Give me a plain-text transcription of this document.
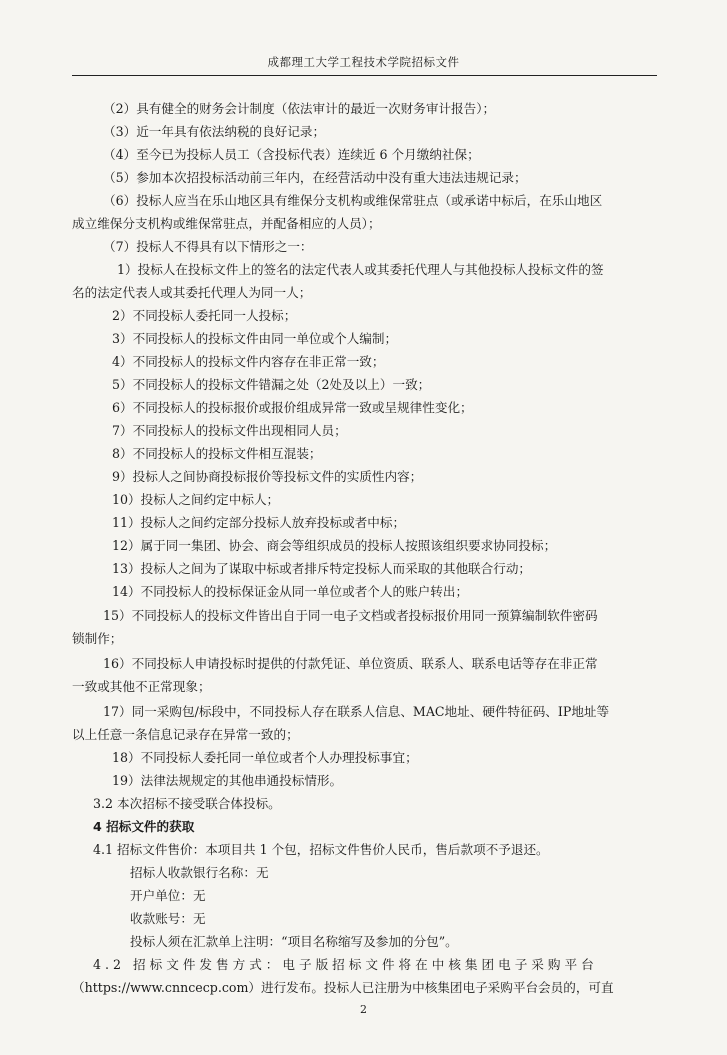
成都理工大学工程技术学院招标文件
（2）具有健全的财务会计制度（依法审计的最近一次财务审计报告）；
（3）近一年具有依法纳税的良好记录；
（4）至今已为投标人员工（含投标代表）连续近 6 个月缴纳社保；
（5）参加本次招投标活动前三年内，在经营活动中没有重大违法违规记录；
（6）投标人应当在乐山地区具有维保分支机构或维保常驻点（或承诺中标后，在乐山地区
成立维保分支机构或维保常驻点，并配备相应的人员）；
（7）投标人不得具有以下情形之一：
1）投标人在投标文件上的签名的法定代表人或其委托代理人与其他投标人投标文件的签
名的法定代表人或其委托代理人为同一人；
2）不同投标人委托同一人投标；
3）不同投标人的投标文件由同一单位或个人编制；
4）不同投标人的投标文件内容存在非正常一致；
5）不同投标人的投标文件错漏之处（2处及以上）一致；
6）不同投标人的投标报价或报价组成异常一致或呈规律性变化；
7）不同投标人的投标文件出现相同人员；
8）不同投标人的投标文件相互混装；
9）投标人之间协商投标报价等投标文件的实质性内容；
10）投标人之间约定中标人；
11）投标人之间约定部分投标人放弃投标或者中标；
12）属于同一集团、协会、商会等组织成员的投标人按照该组织要求协同投标；
13）投标人之间为了谋取中标或者排斥特定投标人而采取的其他联合行动；
14）不同投标人的投标保证金从同一单位或者个人的账户转出；
15）不同投标人的投标文件皆出自于同一电子文档或者投标报价用同一预算编制软件密码
锁制作；
16）不同投标人申请投标时提供的付款凭证、单位资质、联系人、联系电话等存在非正常
一致或其他不正常现象；
17）同一采购包/标段中，不同投标人存在联系人信息、MAC地址、硬件特征码、IP地址等
以上任意一条信息记录存在异常一致的；
18）不同投标人委托同一单位或者个人办理投标事宜；
19）法律法规规定的其他串通投标情形。
3.2 本次招标不接受联合体投标。
4 招标文件的获取
4.1 招标文件售价：本项目共 1 个包，招标文件售价人民币，售后款项不予退还。
招标人收款银行名称：无
开户单位：无
收款账号：无
投标人须在汇款单上注明：“项目名称缩写及参加的分包”。
4.2 招标文件发售方式：电子版招标文件将在中核集团电子采购平台
（https://www.cnncecp.com）进行发布。投标人已注册为中核集团电子采购平台会员的，可直
2
